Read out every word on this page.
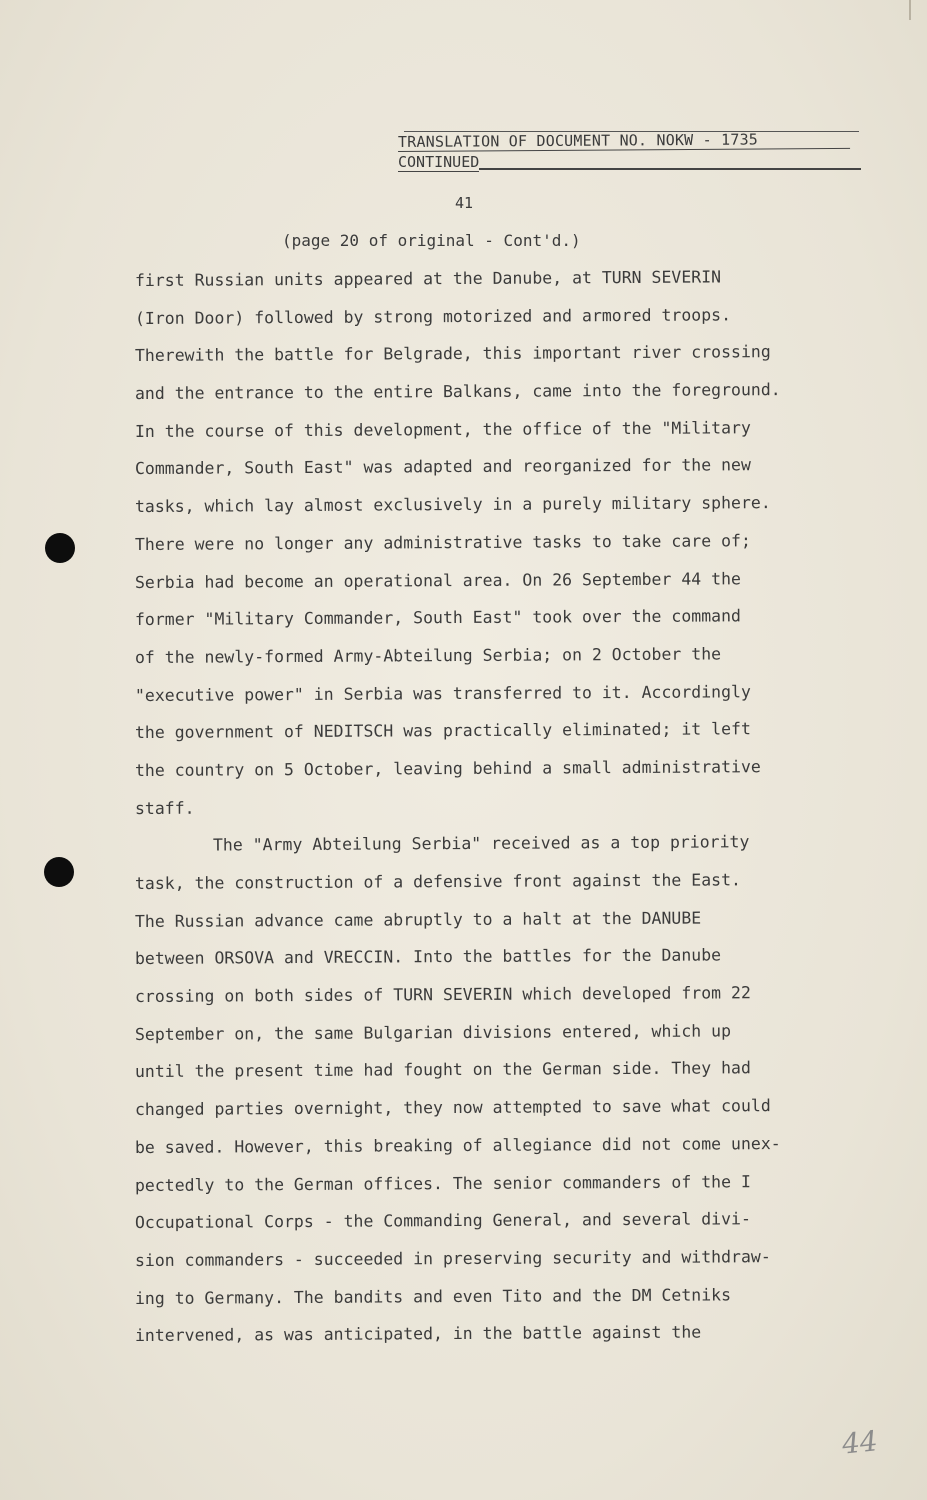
TRANSLATION OF DOCUMENT NO. NOKW - 1735
CONTINUED
41
(page 20 of original - Cont'd.)
first Russian units appeared at the Danube, at TURN SEVERIN
(Iron Door) followed by strong motorized and armored troops.
Therewith the battle for Belgrade, this important river crossing
and the entrance to the entire Balkans, came into the foreground.
In the course of this development, the office of the "Military
Commander, South East" was adapted and reorganized for the new
tasks, which lay almost exclusively in a purely military sphere.
There were no longer any administrative tasks to take care of;
Serbia had become an operational area. On 26 September 44 the
former "Military Commander, South East" took over the command
of the newly-formed Army-Abteilung Serbia; on 2 October the
"executive power" in Serbia was transferred to it. Accordingly
the government of NEDITSCH was practically eliminated; it left
the country on 5 October, leaving behind a small administrative
staff.
The "Army Abteilung Serbia" received as a top priority
task, the construction of a defensive front against the East.
The Russian advance came abruptly to a halt at the DANUBE
between ORSOVA and VRECCIN. Into the battles for the Danube
crossing on both sides of TURN SEVERIN which developed from 22
September on, the same Bulgarian divisions entered, which up
until the present time had fought on the German side. They had
changed parties overnight, they now attempted to save what could
be saved. However, this breaking of allegiance did not come unex-
pectedly to the German offices. The senior commanders of the I
Occupational Corps - the Commanding General, and several divi-
sion commanders - succeeded in preserving security and withdraw-
ing to Germany. The bandits and even Tito and the DM Cetniks
intervened, as was anticipated, in the battle against the
44
